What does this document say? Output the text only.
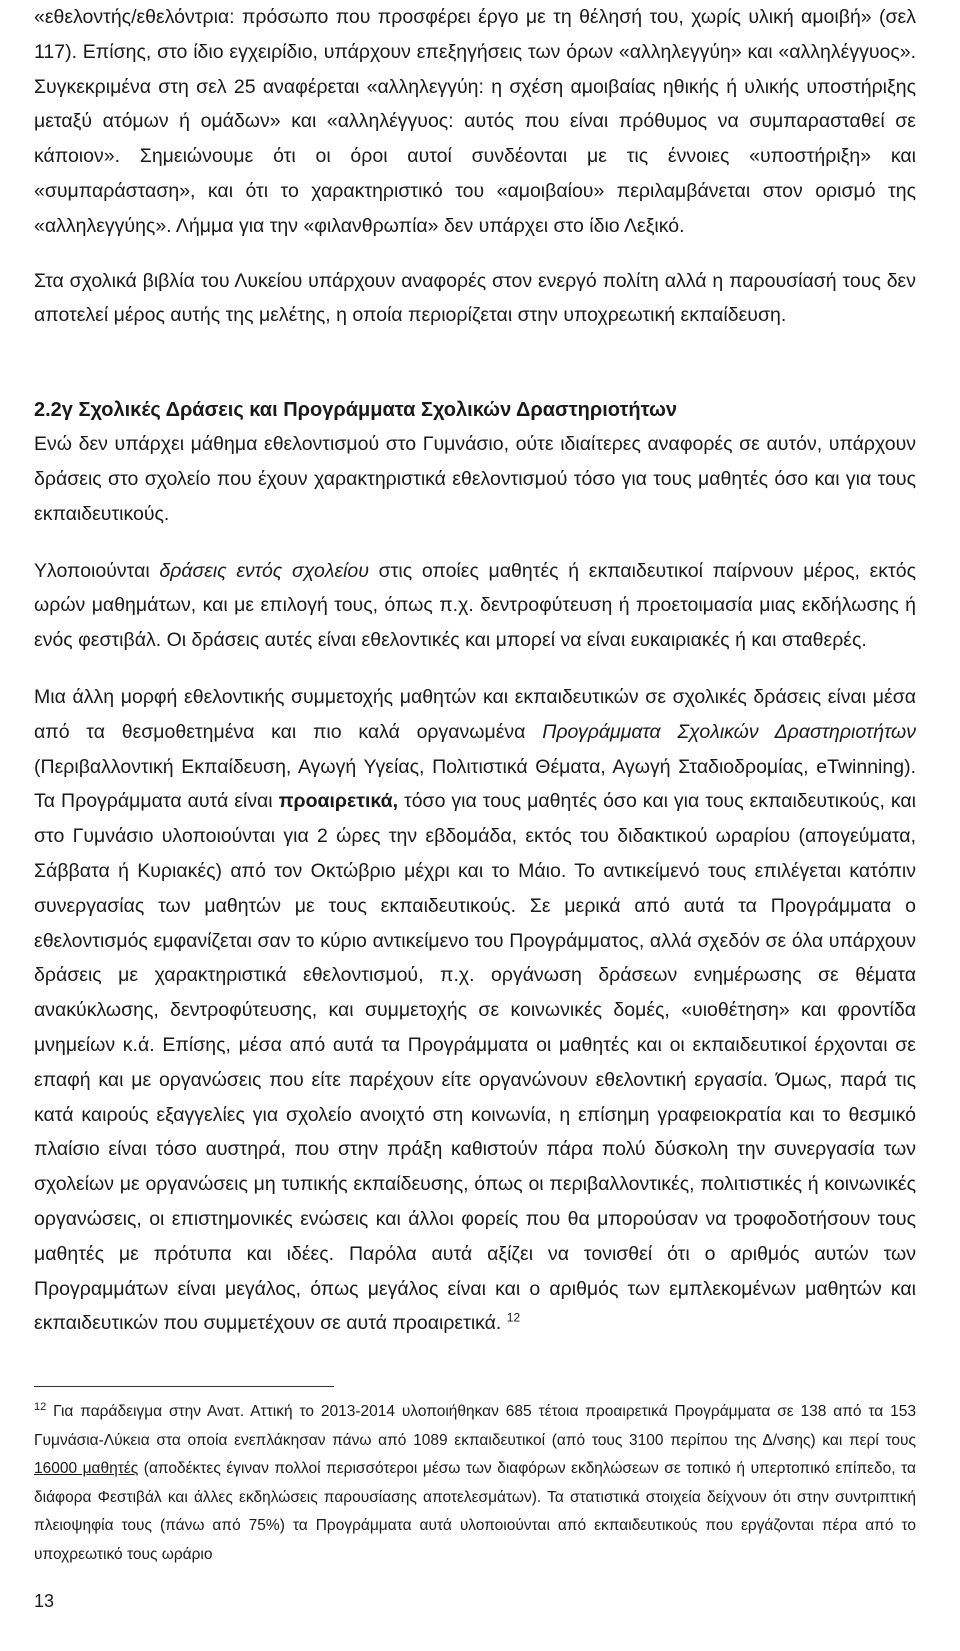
«εθελοντής/εθελόντρια: πρόσωπο που προσφέρει έργο με τη θέλησή του, χωρίς υλική αμοιβή» (σελ 117). Επίσης, στο ίδιο εγχειρίδιο, υπάρχουν επεξηγήσεις των όρων «αλληλεγγύη» και «αλληλέγγυος». Συγκεκριμένα στη σελ 25 αναφέρεται «αλληλεγγύη: η σχέση αμοιβαίας ηθικής ή υλικής υποστήριξης μεταξύ ατόμων ή ομάδων» και «αλληλέγγυος: αυτός που είναι πρόθυμος να συμπαρασταθεί σε κάποιον». Σημειώνουμε ότι οι όροι αυτοί συνδέονται με τις έννοιες «υποστήριξη» και «συμπαράσταση», και ότι το χαρακτηριστικό του «αμοιβαίου» περιλαμβάνεται στον ορισμό της «αλληλεγγύης». Λήμμα για την «φιλανθρωπία» δεν υπάρχει στο ίδιο Λεξικό.

Στα σχολικά βιβλία του Λυκείου υπάρχουν αναφορές στον ενεργό πολίτη αλλά η παρουσίασή τους δεν αποτελεί μέρος αυτής της μελέτης, η οποία περιορίζεται στην υποχρεωτική εκπαίδευση.

2.2γ Σχολικές Δράσεις και Προγράμματα Σχολικών Δραστηριοτήτων

Ενώ δεν υπάρχει μάθημα εθελοντισμού στο Γυμνάσιο, ούτε ιδιαίτερες αναφορές σε αυτόν, υπάρχουν δράσεις στο σχολείο που έχουν χαρακτηριστικά εθελοντισμού τόσο για τους μαθητές όσο και για τους εκπαιδευτικούς.

Υλοποιούνται δράσεις εντός σχολείου στις οποίες μαθητές ή εκπαιδευτικοί παίρνουν μέρος, εκτός ωρών μαθημάτων, και με επιλογή τους, όπως π.χ. δεντροφύτευση ή προετοιμασία μιας εκδήλωσης ή ενός φεστιβάλ. Οι δράσεις αυτές είναι εθελοντικές και μπορεί να είναι ευκαιριακές ή και σταθερές.

Μια άλλη μορφή εθελοντικής συμμετοχής μαθητών και εκπαιδευτικών σε σχολικές δράσεις είναι μέσα από τα θεσμοθετημένα και πιο καλά οργανωμένα Προγράμματα Σχολικών Δραστηριοτήτων (Περιβαλλοντική Εκπαίδευση, Αγωγή Υγείας, Πολιτιστικά Θέματα, Αγωγή Σταδιοδρομίας, eTwinning). Τα Προγράμματα αυτά είναι προαιρετικά, τόσο για τους μαθητές όσο και για τους εκπαιδευτικούς, και στο Γυμνάσιο υλοποιούνται για 2 ώρες την εβδομάδα, εκτός του διδακτικού ωραρίου (απογεύματα, Σάββατα ή Κυριακές) από τον Οκτώβριο μέχρι και το Μάιο. Το αντικείμενό τους επιλέγεται κατόπιν συνεργασίας των μαθητών με τους εκπαιδευτικούς. Σε μερικά από αυτά τα Προγράμματα ο εθελοντισμός εμφανίζεται σαν το κύριο αντικείμενο του Προγράμματος, αλλά σχεδόν σε όλα υπάρχουν δράσεις με χαρακτηριστικά εθελοντισμού, π.χ. οργάνωση δράσεων ενημέρωσης σε θέματα ανακύκλωσης, δεντροφύτευσης, και συμμετοχής σε κοινωνικές δομές, «υιοθέτηση» και φροντίδα μνημείων κ.ά. Επίσης, μέσα από αυτά τα Προγράμματα οι μαθητές και οι εκπαιδευτικοί έρχονται σε επαφή και με οργανώσεις που είτε παρέχουν είτε οργανώνουν εθελοντική εργασία. Όμως, παρά τις κατά καιρούς εξαγγελίες για σχολείο ανοιχτό στη κοινωνία, η επίσημη γραφειοκρατία και το θεσμικό πλαίσιο είναι τόσο αυστηρά, που στην πράξη καθιστούν πάρα πολύ δύσκολη την συνεργασία των σχολείων με οργανώσεις μη τυπικής εκπαίδευσης, όπως οι περιβαλλοντικές, πολιτιστικές ή κοινωνικές οργανώσεις, οι επιστημονικές ενώσεις και άλλοι φορείς που θα μπορούσαν να τροφοδοτήσουν τους μαθητές με πρότυπα και ιδέες. Παρόλα αυτά αξίζει να τονισθεί ότι ο αριθμός αυτών των Προγραμμάτων είναι μεγάλος, όπως μεγάλος είναι και ο αριθμός των εμπλεκομένων μαθητών και εκπαιδευτικών που συμμετέχουν σε αυτά προαιρετικά. $^{12}$

$^{12}$ Για παράδειγμα στην Ανατ. Αττική το 2013-2014 υλοποιήθηκαν 685 τέτοια προαιρετικά Προγράμματα σε 138 από τα 153 Γυμνάσια-Λύκεια στα οποία ενεπλάκησαν πάνω από 1089 εκπαιδευτικοί (από τους 3100 περίπου της Δ/νσης) και περί τους 16000 μαθητές (αποδέκτες έγιναν πολλοί περισσότεροι μέσω των διαφόρων εκδηλώσεων σε τοπικό ή υπερτοπικό επίπεδο, τα διάφορα Φεστιβάλ και άλλες εκδηλώσεις παρουσίασης αποτελεσμάτων). Τα στατιστικά στοιχεία δείχνουν ότι στην συντριπτική πλειοψηφία τους (πάνω από 75%) τα Προγράμματα αυτά υλοποιούνται από εκπαιδευτικούς που εργάζονται πέρα από το υποχρεωτικό τους ωράριο
13
